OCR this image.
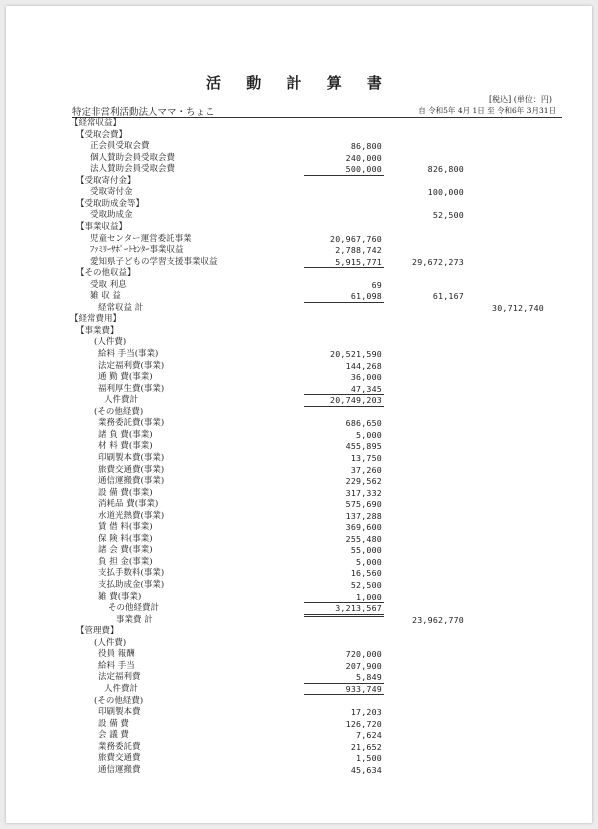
活 動 計 算 書
[税込] (単位：円)
特定非営利活動法人ママ・ちょこ	自 令和5年 4月 1日 至 令和6年 3月31日
【経常収益】
【受取会費】
正会員受取会費	86,800
個人賛助会員受取会費	240,000
法人賛助会員受取会費	500,000	826,800
【受取寄付金】
受取寄付金	100,000
【受取助成金等】
受取助成金	52,500
【事業収益】
児童センター運営委託事業	20,967,760
ﾌｧﾐﾘｰｻﾎﾟｰﾄｾﾝﾀｰ事業収益	2,788,742
愛知県子どもの学習支援事業収益	5,915,771	29,672,273
【その他収益】
受取 利息	69
雑 収 益	61,098	61,167
経常収益 計	30,712,740
【経常費用】
【事業費】
(人件費)
給料 手当(事業)	20,521,590
法定福利費(事業)	144,268
通 勤 費(事業)	36,000
福利厚生費(事業)	47,345
人件費計	20,749,203
(その他経費)
業務委託費(事業)	686,650
諸 負 費(事業)	5,000
材 料 費(事業)	455,895
印刷製本費(事業)	13,750
旅費交通費(事業)	37,260
通信運搬費(事業)	229,562
設 備 費(事業)	317,332
消耗品 費(事業)	575,690
水道光熱費(事業)	137,288
賃 借 料(事業)	369,600
保 険 料(事業)	255,480
諸 会 費(事業)	55,000
負 担 金(事業)	5,000
支払手数料(事業)	16,560
支払助成金(事業)	52,500
雑 費(事業)	1,000
その他経費計	3,213,567
事業費 計	23,962,770
【管理費】
(人件費)
役員 報酬	720,000
給料 手当	207,900
法定福利費	5,849
人件費計	933,749
(その他経費)
印刷製本費	17,203
設 備 費	126,720
会 議 費	7,624
業務委託費	21,652
旅費交通費	1,500
通信運搬費	45,634
